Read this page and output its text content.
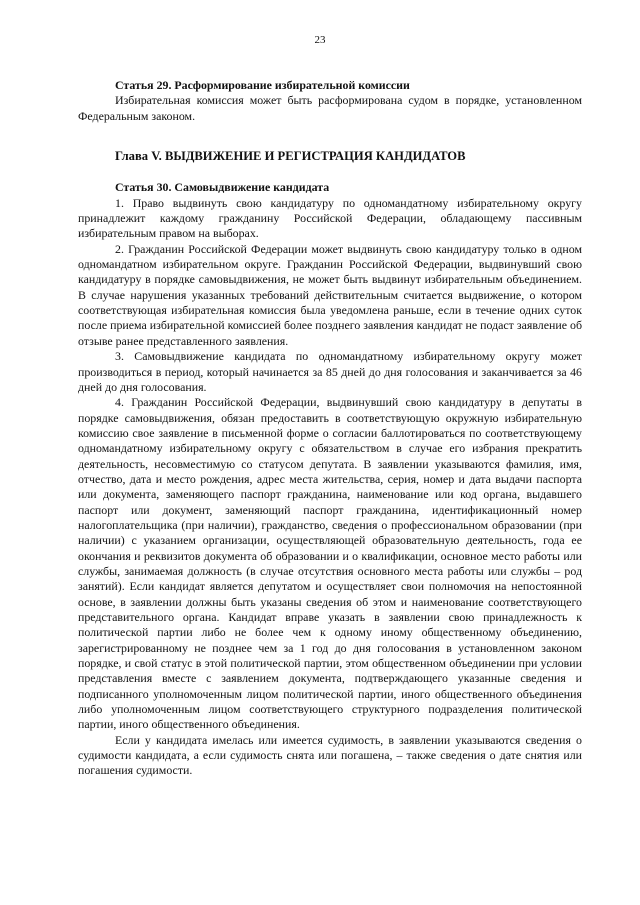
23

Статья 29. Расформирование избирательной комиссии

Избирательная комиссия может быть расформирована судом в порядке, установленном Федеральным законом.

Глава V. ВЫДВИЖЕНИЕ И РЕГИСТРАЦИЯ КАНДИДАТОВ

Статья 30. Самовыдвижение кандидата

1. Право выдвинуть свою кандидатуру по одномандатному избирательному округу принадлежит каждому гражданину Российской Федерации, обладающему пассивным избирательным правом на выборах.

2. Гражданин Российской Федерации может выдвинуть свою кандидатуру только в одном одномандатном избирательном округе. Гражданин Российской Федерации, выдвинувший свою кандидатуру в порядке самовыдвижения, не может быть выдвинут избирательным объединением. В случае нарушения указанных требований действительным считается выдвижение, о котором соответствующая избирательная комиссия была уведомлена раньше, если в течение одних суток после приема избирательной комиссией более позднего заявления кандидат не подаст заявление об отзыве ранее представленного заявления.

3. Самовыдвижение кандидата по одномандатному избирательному округу может производиться в период, который начинается за 85 дней до дня голосования и заканчивается за 46 дней до дня голосования.

4. Гражданин Российской Федерации, выдвинувший свою кандидатуру в депутаты в порядке самовыдвижения, обязан предоставить в соответствующую окружную избирательную комиссию свое заявление в письменной форме о согласии баллотироваться по соответствующему одномандатному избирательному округу с обязательством в случае его избрания прекратить деятельность, несовместимую со статусом депутата. В заявлении указываются фамилия, имя, отчество, дата и место рождения, адрес места жительства, серия, номер и дата выдачи паспорта или документа, заменяющего паспорт гражданина, наименование или код органа, выдавшего паспорт или документ, заменяющий паспорт гражданина, идентификационный номер налогоплательщика (при наличии), гражданство, сведения о профессиональном образовании (при наличии) с указанием организации, осуществляющей образовательную деятельность, года ее окончания и реквизитов документа об образовании и о квалификации, основное место работы или службы, занимаемая должность (в случае отсутствия основного места работы или службы – род занятий). Если кандидат является депутатом и осуществляет свои полномочия на непостоянной основе, в заявлении должны быть указаны сведения об этом и наименование соответствующего представительного органа. Кандидат вправе указать в заявлении свою принадлежность к политической партии либо не более чем к одному иному общественному объединению, зарегистрированному не позднее чем за 1 год до дня голосования в установленном законом порядке, и свой статус в этой политической партии, этом общественном объединении при условии представления вместе с заявлением документа, подтверждающего указанные сведения и подписанного уполномоченным лицом политической партии, иного общественного объединения либо уполномоченным лицом соответствующего структурного подразделения политической партии, иного общественного объединения.

Если у кандидата имелась или имеется судимость, в заявлении указываются сведения о судимости кандидата, а если судимость снята или погашена, – также сведения о дате снятия или погашения судимости.
